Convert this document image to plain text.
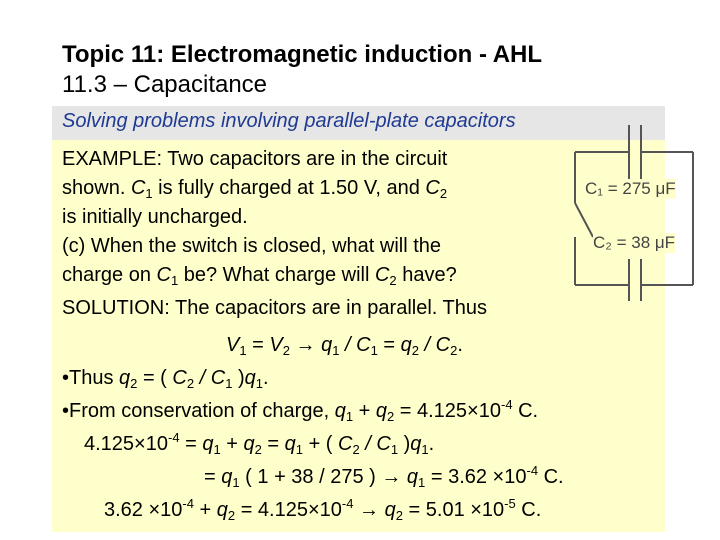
Topic 11: Electromagnetic induction - AHL
11.3 – Capacitance
Solving problems involving parallel-plate capacitors
C₁ = 275 μF
C₂ = 38 μF
EXAMPLE: Two capacitors are in the circuit
shown. $C_1$ is fully charged at 1.50 V, and $C_2$
is initially uncharged.
(c) When the switch is closed, what will the
charge on $C_1$ be? What charge will $C_2$ have?
SOLUTION: The capacitors are in parallel. Thus
$V_1 = V_2 \to q_1 / C_1 = q_2 / C_2$.
•Thus $q_2$ = ( $C_2 / C_1$ )$q_1$.
•From conservation of charge, $q_1 + q_2 = 4.125\times 10^{-4}$ C.
$4.125\times 10^{-4} = q_1 + q_2 = q_1$ + ( $C_2 / C_1$ )$q_1$.
= $q_1$ ( 1 + 38 / 275 ) → $q_1 = 3.62 \times 10^{-4}$ C.
$3.62 \times 10^{-4} + q_2 = 4.125\times 10^{-4} \to q_2 = 5.01 \times 10^{-5}$ C.
